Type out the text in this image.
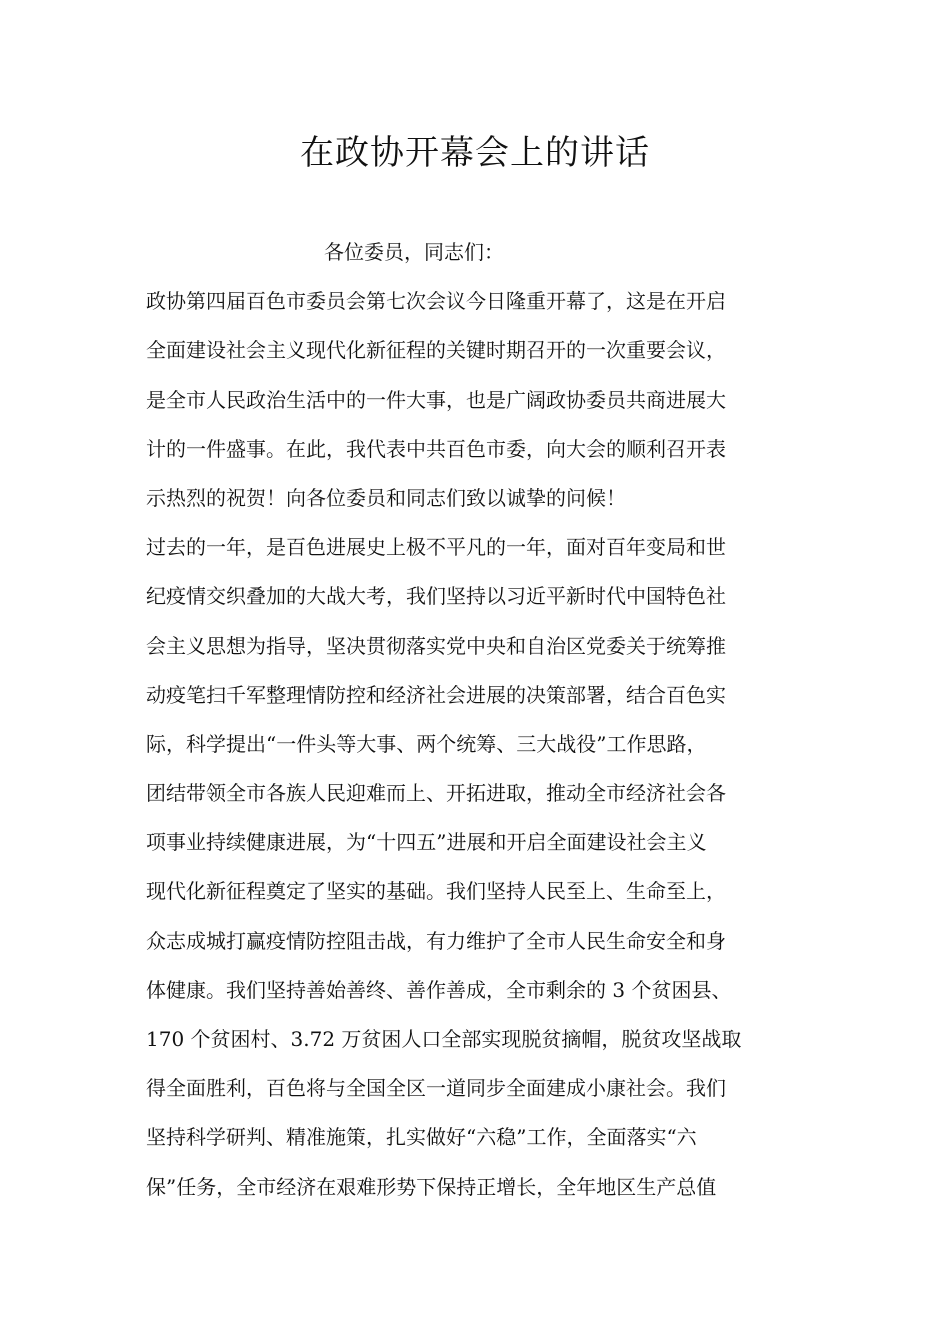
在政协开幕会上的讲话
各位委员，同志们：
政协第四届百色市委员会第七次会议今日隆重开幕了，这是在开启
全面建设社会主义现代化新征程的关键时期召开的一次重要会议，
是全市人民政治生活中的一件大事，也是广阔政协委员共商进展大
计的一件盛事。在此，我代表中共百色市委，向大会的顺利召开表
示热烈的祝贺！向各位委员和同志们致以诚挚的问候！
过去的一年，是百色进展史上极不平凡的一年，面对百年变局和世
纪疫情交织叠加的大战大考，我们坚持以习近平新时代中国特色社
会主义思想为指导，坚决贯彻落实党中央和自治区党委关于统筹推
动疫笔扫千军整理情防控和经济社会进展的决策部署，结合百色实
际，科学提出“一件头等大事、两个统筹、三大战役”工作思路，
团结带领全市各族人民迎难而上、开拓进取，推动全市经济社会各
项事业持续健康进展，为“十四五”进展和开启全面建设社会主义
现代化新征程奠定了坚实的基础。我们坚持人民至上、生命至上，
众志成城打赢疫情防控阻击战，有力维护了全市人民生命安全和身
体健康。我们坚持善始善终、善作善成，全市剩余的 3 个贫困县、
170 个贫困村、3.72 万贫困人口全部实现脱贫摘帽，脱贫攻坚战取
得全面胜利，百色将与全国全区一道同步全面建成小康社会。我们
坚持科学研判、精准施策，扎实做好“六稳”工作，全面落实“六
保”任务，全市经济在艰难形势下保持正增长，全年地区生产总值
